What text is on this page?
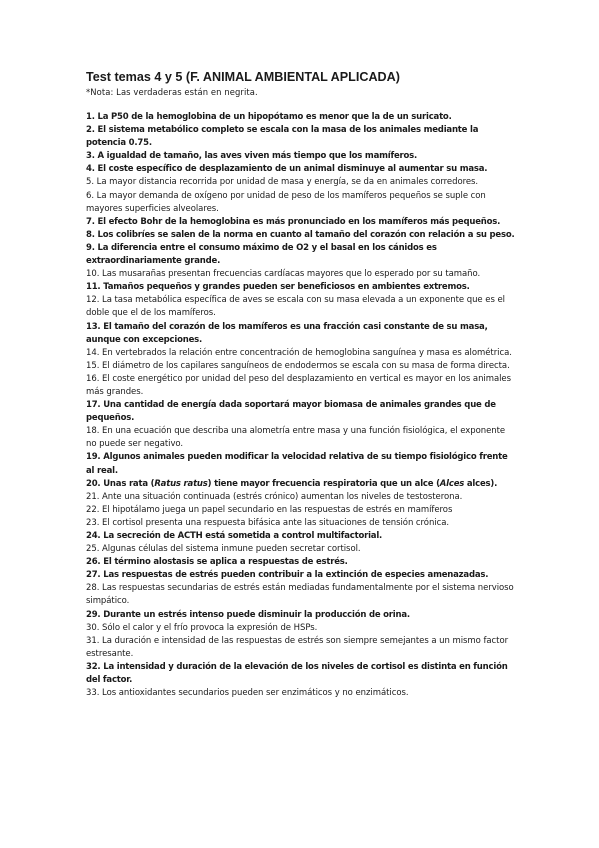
Test temas 4 y 5 (F. ANIMAL AMBIENTAL APLICADA)

*Nota: Las verdaderas están en negrita.

1. La P50 de la hemoglobina de un hipopótamo es menor que la de un suricato.
2. El sistema metabólico completo se escala con la masa de los animales mediante la potencia 0.75.
3. A igualdad de tamaño, las aves viven más tiempo que los mamíferos.
4. El coste específico de desplazamiento de un animal disminuye al aumentar su masa.
5. La mayor distancia recorrida por unidad de masa y energía, se da en animales corredores.
6. La mayor demanda de oxígeno por unidad de peso de los mamíferos pequeños se suple con mayores superficies alveolares.
7. El efecto Bohr de la hemoglobina es más pronunciado en los mamíferos más pequeños.
8. Los colibríes se salen de la norma en cuanto al tamaño del corazón con relación a su peso.
9. La diferencia entre el consumo máximo de O2 y el basal en los cánidos es extraordinariamente grande.
10. Las musarañas presentan frecuencias cardíacas mayores que lo esperado por su tamaño.
11. Tamaños pequeños y grandes pueden ser beneficiosos en ambientes extremos.
12. La tasa metabólica específica de aves se escala con su masa elevada a un exponente que es el doble que el de los mamíferos.
13. El tamaño del corazón de los mamíferos es una fracción casi constante de su masa, aunque con excepciones.
14. En vertebrados la relación entre concentración de hemoglobina sanguínea y masa es alométrica.
15. El diámetro de los capilares sanguíneos de endodermos se escala con su masa de forma directa.
16. El coste energético por unidad del peso del desplazamiento en vertical es mayor en los animales más grandes.
17. Una cantidad de energía dada soportará mayor biomasa de animales grandes que de pequeños.
18. En una ecuación que describa una alometría entre masa y una función fisiológica, el exponente no puede ser negativo.
19. Algunos animales pueden modificar la velocidad relativa de su tiempo fisiológico frente al real.
20. Unas rata (Ratus ratus) tiene mayor frecuencia respiratoria que un alce (Alces alces).
21. Ante una situación continuada (estrés crónico) aumentan los niveles de testosterona.
22. El hipotálamo juega un papel secundario en las respuestas de estrés en mamíferos
23. El cortisol presenta una respuesta bifásica ante las situaciones de tensión crónica.
24. La secreción de ACTH está sometida a control multifactorial.
25. Algunas células del sistema inmune pueden secretar cortisol.
26. El término alostasis se aplica a respuestas de estrés.
27. Las respuestas de estrés pueden contribuir a la extinción de especies amenazadas.
28. Las respuestas secundarias de estrés están mediadas fundamentalmente por el sistema nervioso simpático.
29. Durante un estrés intenso puede disminuir la producción de orina.
30. Sólo el calor y el frío provoca la expresión de HSPs.
31. La duración e intensidad de las respuestas de estrés son siempre semejantes a un mismo factor estresante.
32. La intensidad y duración de la elevación de los niveles de cortisol es distinta en función del factor.
33. Los antioxidantes secundarios pueden ser enzimáticos y no enzimáticos.
